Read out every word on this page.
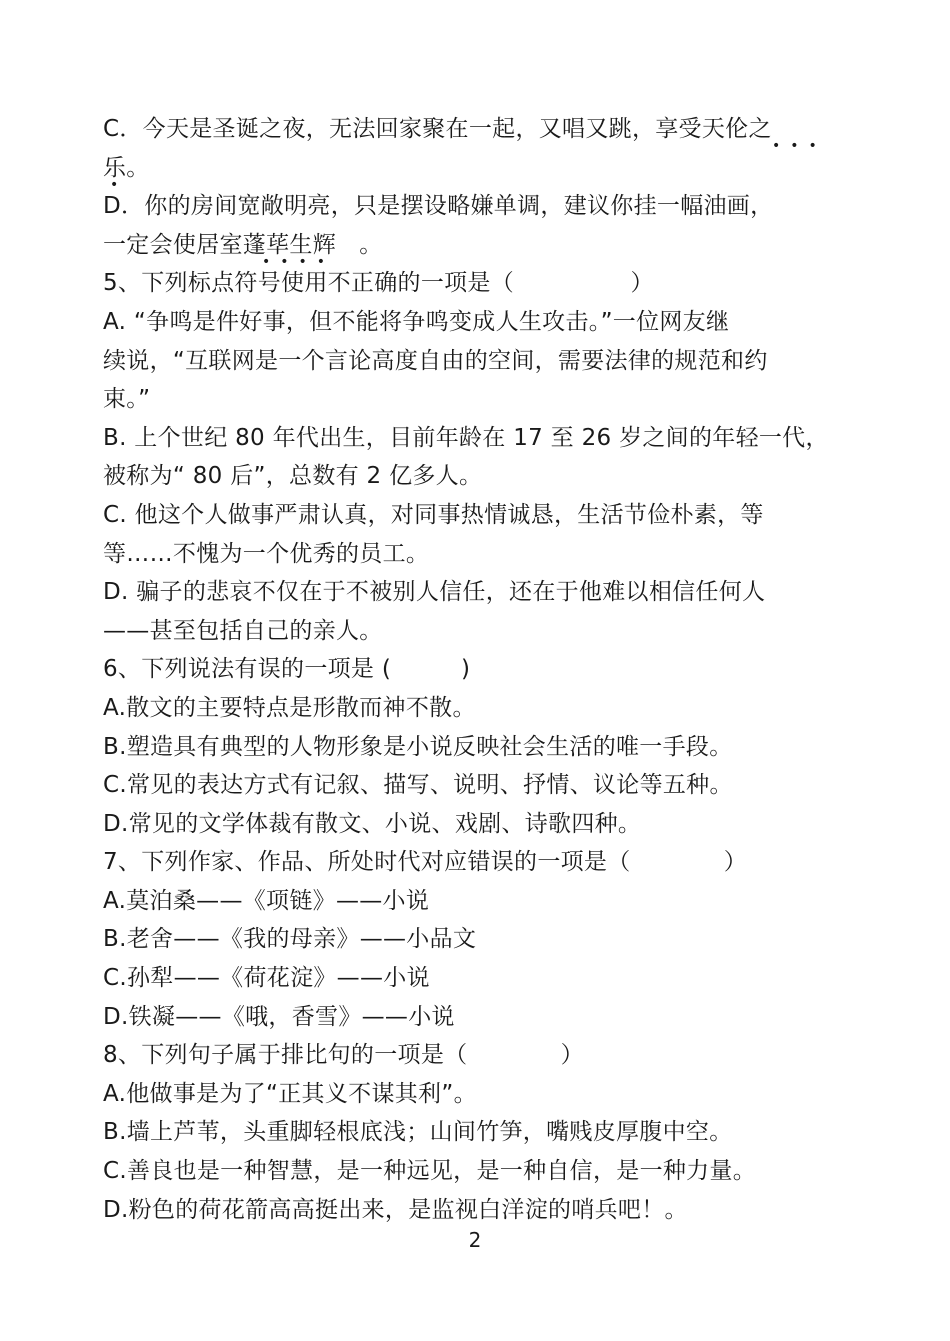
C．今天是圣诞之夜，无法回家聚在一起，又唱又跳，享受天伦之
乐。
D．你的房间宽敞明亮，只是摆设略嫌单调，建议你挂一幅油画，
一定会使居室蓬荜生辉　。
5、下列标点符号使用不正确的一项是（　　　　　）
A. “争鸣是件好事，但不能将争鸣变成人生攻击。”一位网友继
续说，“互联网是一个言论高度自由的空间，需要法律的规范和约
束。”
B. 上个世纪 80 年代出生，目前年龄在 17 至 26 岁之间的年轻一代，
被称为“ 80 后”，总数有 2 亿多人。
C. 他这个人做事严肃认真，对同事热情诚恳，生活节俭朴素，等
等……不愧为一个优秀的员工。
D. 骗子的悲哀不仅在于不被别人信任，还在于他难以相信任何人
——甚至包括自己的亲人。
6、下列说法有误的一项是 (　　　)
A.散文的主要特点是形散而神不散。
B.塑造具有典型的人物形象是小说反映社会生活的唯一手段。
C.常见的表达方式有记叙、描写、说明、抒情、议论等五种。
D.常见的文学体裁有散文、小说、戏剧、诗歌四种。
7、下列作家、作品、所处时代对应错误的一项是（　　　　）
A.莫泊桑——《项链》——小说
B.老舍——《我的母亲》——小品文
C.孙犁——《荷花淀》——小说
D.铁凝——《哦，香雪》——小说
8、下列句子属于排比句的一项是（　　　　）
A.他做事是为了“正其义不谋其利”。
B.墙上芦苇，头重脚轻根底浅；山间竹笋，嘴贱皮厚腹中空。
C.善良也是一种智慧，是一种远见，是一种自信，是一种力量。
D.粉色的荷花箭高高挺出来，是监视白洋淀的哨兵吧！。
•••
•
••••
2
